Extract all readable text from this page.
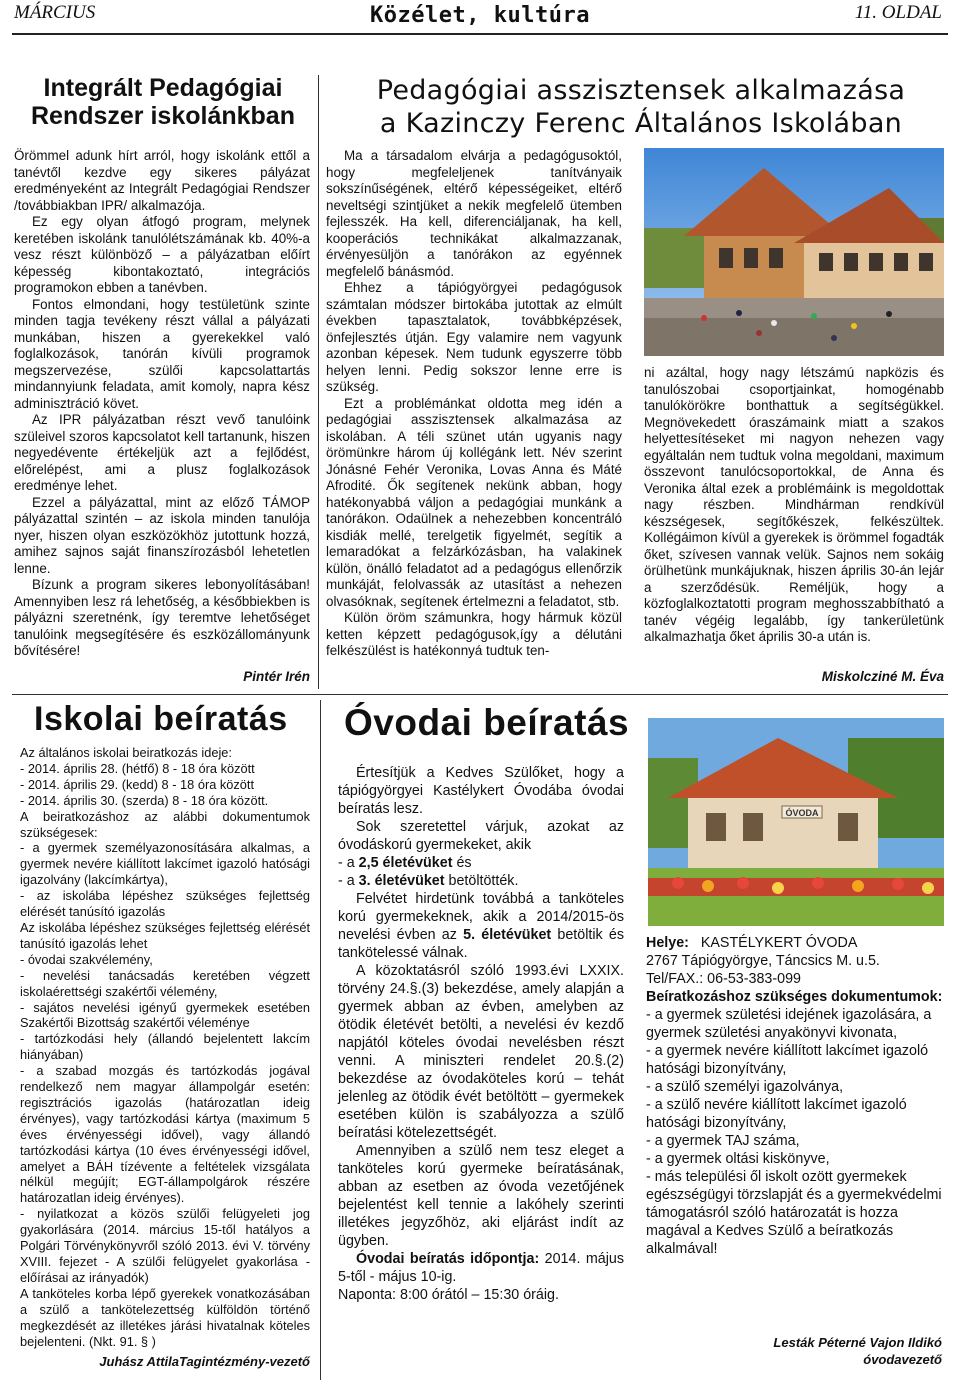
MÁRCIUS	Közélet, kultúra	11. OLDAL
Integrált Pedagógiai
Rendszer iskolánkban

Örömmel adunk hírt arról, hogy iskolánk ettől a tanévtől kezdve egy sikeres pályázat eredményeként az Integrált Pedagógiai Rendszer /továbbiakban IPR/ alkalmazója.

Ez egy olyan átfogó program, melynek keretében iskolánk tanulólétszámának kb. 40%-a vesz részt különböző – a pályázatban előírt képesség kibontakoztató, integrációs programokon ebben a tanévben.

Fontos elmondani, hogy testületünk szinte minden tagja tevékeny részt vállal a pályázati munkában, hiszen a gyerekekkel való foglalkozások, tanórán kívüli programok megszervezése, szülői kapcsolattartás mindannyiunk feladata, amit komoly, napra kész adminisztráció követ.

Az IPR pályázatban részt vevő tanulóink szüleivel szoros kapcsolatot kell tartanunk, hiszen negyedévente értékeljük azt a fejlődést, előrelépést, ami a plusz foglalkozások eredménye lehet.

Ezzel a pályázattal, mint az előző TÁMOP pályázattal szintén – az iskola minden tanulója nyer, hiszen olyan eszközökhöz jutottunk hozzá, amihez sajnos saját finanszírozásból lehetetlen lenne.

Bízunk a program sikeres lebonyolításában! Amennyiben lesz rá lehetőség, a későbbiekben is pályázni szeretnénk, így teremtve lehetőséget tanulóink megsegítésére és eszközállományunk bővítésére!

Pintér Irén
Pedagógiai asszisztensek alkalmazása
a Kazinczy Ferenc Általános Iskolában

Ma a társadalom elvárja a pedagógusoktól, hogy megfeleljenek tanítványaik sokszínűségének, eltérő képességeiket, eltérő neveltségi szintjüket a nekik megfelelő ütemben fejlesszék. Ha kell, diferenciáljanak, ha kell, kooperációs technikákat alkalmazzanak, érvényesüljön a tanórákon az egyénnek megfelelő bánásmód.

Ehhez a tápiógyörgyei pedagógusok számtalan módszer birtokába jutottak az elmúlt években tapasztalatok, továbbképzések, önfejlesztés útján. Egy valamire nem vagyunk azonban képesek. Nem tudunk egyszerre több helyen lenni. Pedig sokszor lenne erre is szükség.

Ezt a problémánkat oldotta meg idén a pedagógiai asszisztensek alkalmazása az iskolában. A téli szünet után ugyanis nagy örömünkre három új kollégánk lett. Név szerint Jónásné Fehér Veronika, Lovas Anna és Máté Afrodité. Ők segítenek nekünk abban, hogy hatékonyabbá váljon a pedagógiai munkánk a tanórákon. Odaülnek a nehezebben koncentráló kisdiák mellé, terelgetik figyelmét, segítik a lemaradókat a felzárkózásban, ha valakinek külön, önálló feladatot ad a pedagógus ellenőrzik munkáját, felolvassák az utasítást a nehezen olvasóknak, segítenek értelmezni a feladatot, stb.

Külön öröm számunkra, hogy hármuk közül ketten képzett pedagógusok,így a délutáni felkészülést is hatékonnyá tudtuk ten-

ni azáltal, hogy nagy létszámú napközis és tanulószobai csoportjainkat, homogénabb tanulókörökre bonthattuk a segítségükkel. Megnövekedett óraszámaink miatt a szakos helyettesítéseket mi nagyon nehezen vagy egyáltalán nem tudtuk volna megoldani, maximum összevont tanulócsoportokkal, de Anna és Veronika által ezek a problémáink is megoldottak nagy részben. Mindhárman rendkívül készségesek, segítőkészek, felkészültek. Kollégáimon kívül a gyerekek is örömmel fogadták őket, szívesen vannak velük. Sajnos nem sokáig örülhetünk munkájuknak, hiszen április 30-án lejár a szerződésük. Reméljük, hogy a közfoglalkoztatotti program meghosszabbítható a tanév végéig legalább, így tankerületünk alkalmazhatja őket április 30-a után is.

Miskolcziné M. Éva
Iskolai beíratás

Az általános iskolai beiratkozás ideje:

- 2014. április 28. (hétfő) 8 - 18 óra között

- 2014. április 29. (kedd) 8 - 18 óra között

- 2014. április 30. (szerda) 8 - 18 óra között.

A beiratkozáshoz az alábbi dokumentumok szükségesek:

- a gyermek személyazonosítására alkalmas, a gyermek nevére kiállított lakcímet igazoló hatósági igazolvány (lakcímkártya),

- az iskolába lépéshez szükséges fejlettség elérését tanúsító igazolás

Az iskolába lépéshez szükséges fejlettség elérését tanúsító igazolás lehet

- óvodai szakvélemény,

- nevelési tanácsadás keretében végzett iskolaérettségi szakértői vélemény,

- sajátos nevelési igényű gyermekek esetében Szakértői Bizottság szakértői véleménye

- tartózkodási hely (állandó bejelentett lakcím hiányában)

- a szabad mozgás és tartózkodás jogával rendelkező nem magyar állampolgár esetén: regisztrációs igazolás (határozatlan ideig érvényes), vagy tartózkodási kártya (maximum 5 éves érvényességi idővel), vagy állandó tartózkodási kártya (10 éves érvényességi idővel, amelyet a BÁH tízévente a feltételek vizsgálata nélkül megújít; EGT-állampolgárok részére határozatlan ideig érvényes).

- nyilatkozat a közös szülői felügyeleti jog gyakorlására (2014. március 15-től hatályos a Polgári Törvénykönyvről szóló 2013. évi V. törvény XVIII. fejezet - A szülői felügyelet gyakorlása - előírásai az irányadók)

A tanköteles korba lépő gyerekek vonatkozásában a szülő a tankötelezettség külföldön történő megkezdését az illetékes járási hivatalnak köteles bejelenteni. (Nkt. 91. § )

Juhász AttilaTagintézmény-vezető
Óvodai beíratás

Értesítjük a Kedves Szülőket, hogy a tápiógyörgyei Kastélykert Óvodába óvodai beíratás lesz.

Sok szeretettel várjuk, azokat az óvodáskorú gyermekeket, akik

- a 2,5 életévüket és

- a 3. életévüket betöltötték.

Felvétet hirdetünk továbbá a tanköteles korú gyermekeknek, akik a 2014/2015-ös nevelési évben az 5. életévüket betöltik és tankötelessé válnak.

A közoktatásról szóló 1993.évi LXXIX. törvény 24.§.(3) bekezdése, amely alapján a gyermek abban az évben, amelyben az ötödik életévét betölti, a nevelési év kezdő napjától köteles óvodai nevelésben részt venni. A miniszteri rendelet 20.§.(2) bekezdése az óvodaköteles korú – tehát jelenleg az ötödik évét betöltött – gyermekek esetében külön is szabályozza a szülő beíratási kötelezettségét.

Amennyiben a szülő nem tesz eleget a tanköteles korú gyermeke beíratásának, abban az esetben az óvoda vezetőjének bejelentést kell tennie a lakóhely szerinti illetékes jegyzőhöz, aki eljárást indít az ügyben.

Óvodai beíratás időpontja: 2014. május 5-től - május 10-ig.

Naponta: 8:00 órától – 15:30 óráig.

ÓVODA

Helye: KASTÉLYKERT ÓVODA

2767 Tápiógyörgye, Táncsics M. u.5.

Tel/FAX.: 06-53-383-099

Beíratkozáshoz szükséges dokumentumok:

- a gyermek születési idejének igazolására, a gyermek születési anyakönyvi kivonata,

- a gyermek nevére kiállított lakcímet igazoló hatósági bizonyítvány,

- a szülő személyi igazolványa,

- a szülő nevére kiállított lakcímet igazoló hatósági bizonyítvány,

- a gyermek TAJ száma,

- a gyermek oltási kiskönyve,

- más települési ől iskolt ozött gyermekek egészségügyi törzslapját és a gyermekvédelmi támogatásról szóló határozatát is hozza magával a Kedves Szülő a beíratkozás alkalmával!

Lesták Péterné Vajon Ildikó
óvodavezető
